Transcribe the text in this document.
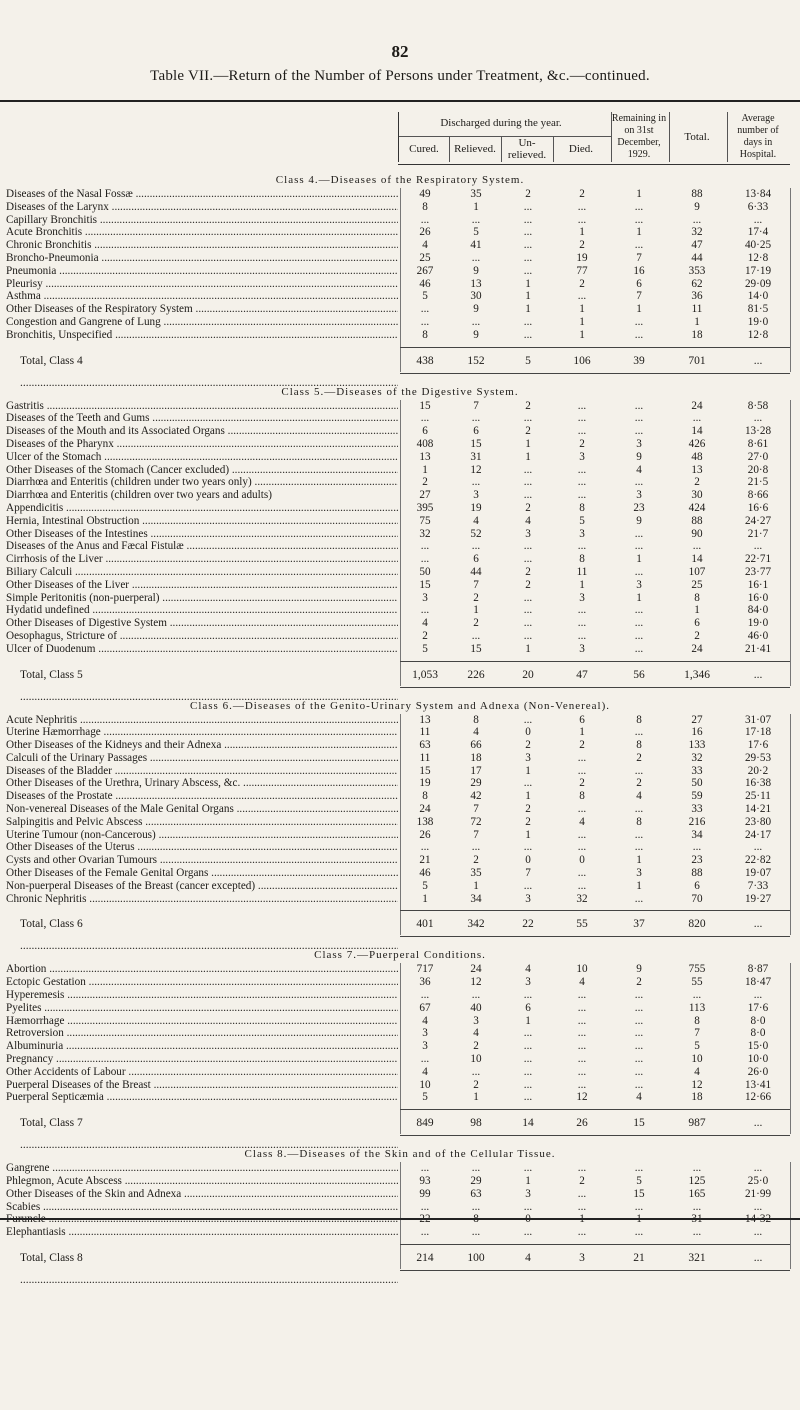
82
Table VII.—Return of the Number of Persons under Treatment, &c.—continued.
Discharged during the year.
Cured.	Relieved.	Un-relieved.	Died.
Remaining in on 31st December, 1929.
Total.
Average number of days in Hospital.
Class 4.—Diseases of the Respiratory System.
Diseases of the Nasal Fossæ .....	49	35	2	2	1	88	13·84
Diseases of the Larynx .....	8	1	...	...	...	9	6·33
Capillary Bronchitis .....	...	...	...	...	...	...	...
Acute Bronchitis .....	26	5	...	1	1	32	17·4
Chronic Bronchitis .....	4	41	...	2	...	47	40·25
Broncho-Pneumonia .....	25	...	...	19	7	44	12·8
Pneumonia .....	267	9	...	77	16	353	17·19
Pleurisy .....	46	13	1	2	6	62	29·09
Asthma .....	5	30	1	...	7	36	14·0
Other Diseases of the Respiratory System .....	...	9	1	1	1	11	81·5
Congestion and Gangrene of Lung .....	...	...	...	1	...	1	19·0
Bronchitis, Unspecified .....	8	9	...	1	...	18	12·8
Total, Class 4 .....	438	152	5	106	39	701	...
Class 5.—Diseases of the Digestive System.
Gastritis .....	15	7	2	...	...	24	8·58
Diseases of the Teeth and Gums .....	...	...	...	...	...	...	...
Diseases of the Mouth and its Associated Organs .....	6	6	2	...	...	14	13·28
Diseases of the Pharynx .....	408	15	1	2	3	426	8·61
Ulcer of the Stomach .....	13	31	1	3	9	48	27·0
Other Diseases of the Stomach (Cancer excluded) .....	1	12	...	...	4	13	20·8
Diarrhœa and Enteritis (children under two years only) .....	2	...	...	...	...	2	21·5
Diarrhœa and Enteritis (children over two years and adults)	27	3	...	...	3	30	8·66
Appendicitis .....	395	19	2	8	23	424	16·6
Hernia, Intestinal Obstruction .....	75	4	4	5	9	88	24·27
Other Diseases of the Intestines .....	32	52	3	3	...	90	21·7
Diseases of the Anus and Fæcal Fistulæ .....	...	...	...	...	...	...	...
Cirrhosis of the Liver .....	...	6	...	8	1	14	22·71
Biliary Calculi .....	50	44	2	11	...	107	23·77
Other Diseases of the Liver .....	15	7	2	1	3	25	16·1
Simple Peritonitis (non-puerperal) .....	3	2	...	3	1	8	16·0
Hydatid undefined .....	...	1	...	...	...	1	84·0
Other Diseases of Digestive System .....	4	2	...	...	...	6	19·0
Oesophagus, Stricture of .....	2	...	...	...	...	2	46·0
Ulcer of Duodenum .....	5	15	1	3	...	24	21·41
Total, Class 5 .....	1,053	226	20	47	56	1,346	...
Class 6.—Diseases of the Genito-Urinary System and Adnexa (Non-Venereal).
Acute Nephritis .....	13	8	...	6	8	27	31·07
Uterine Hæmorrhage .....	11	4	0	1	...	16	17·18
Other Diseases of the Kidneys and their Adnexa .....	63	66	2	2	8	133	17·6
Calculi of the Urinary Passages .....	11	18	3	...	2	32	29·53
Diseases of the Bladder .....	15	17	1	...	...	33	20·2
Other Diseases of the Urethra, Urinary Abscess, &c. .....	19	29	...	2	2	50	16·38
Diseases of the Prostate .....	8	42	1	8	4	59	25·11
Non-venereal Diseases of the Male Genital Organs .....	24	7	2	...	...	33	14·21
Salpingitis and Pelvic Abscess .....	138	72	2	4	8	216	23·80
Uterine Tumour (non-Cancerous) .....	26	7	1	...	...	34	24·17
Other Diseases of the Uterus .....	...	...	...	...	...	...	...
Cysts and other Ovarian Tumours .....	21	2	0	0	1	23	22·82
Other Diseases of the Female Genital Organs .....	46	35	7	...	3	88	19·07
Non-puerperal Diseases of the Breast (cancer excepted) .....	5	1	...	...	1	6	7·33
Chronic Nephritis .....	1	34	3	32	...	70	19·27
Total, Class 6 .....	401	342	22	55	37	820	...
Class 7.—Puerperal Conditions.
Abortion .....	717	24	4	10	9	755	8·87
Ectopic Gestation .....	36	12	3	4	2	55	18·47
Hyperemesis .....	...	...	...	...	...	...	...
Pyelites .....	67	40	6	...	...	113	17·6
Hæmorrhage .....	4	3	1	...	...	8	8·0
Retroversion .....	3	4	...	...	...	7	8·0
Albuminuria .....	3	2	...	...	...	5	15·0
Pregnancy .....	...	10	...	...	...	10	10·0
Other Accidents of Labour .....	4	...	...	...	...	4	26·0
Puerperal Diseases of the Breast .....	10	2	...	...	...	12	13·41
Puerperal Septicæmia .....	5	1	...	12	4	18	12·66
Total, Class 7 .....	849	98	14	26	15	987	...
Class 8.—Diseases of the Skin and of the Cellular Tissue.
Gangrene .....	...	...	...	...	...	...	...
Phlegmon, Acute Abscess .....	93	29	1	2	5	125	25·0
Other Diseases of the Skin and Adnexa .....	99	63	3	...	15	165	21·99
Scabies .....	...	...	...	...	...	...	...
Furuncle .....	22	8	0	1	1	31	14·32
Elephantiasis .....	...	...	...	...	...	...	...
Total, Class 8 .....	214	100	4	3	21	321	...
